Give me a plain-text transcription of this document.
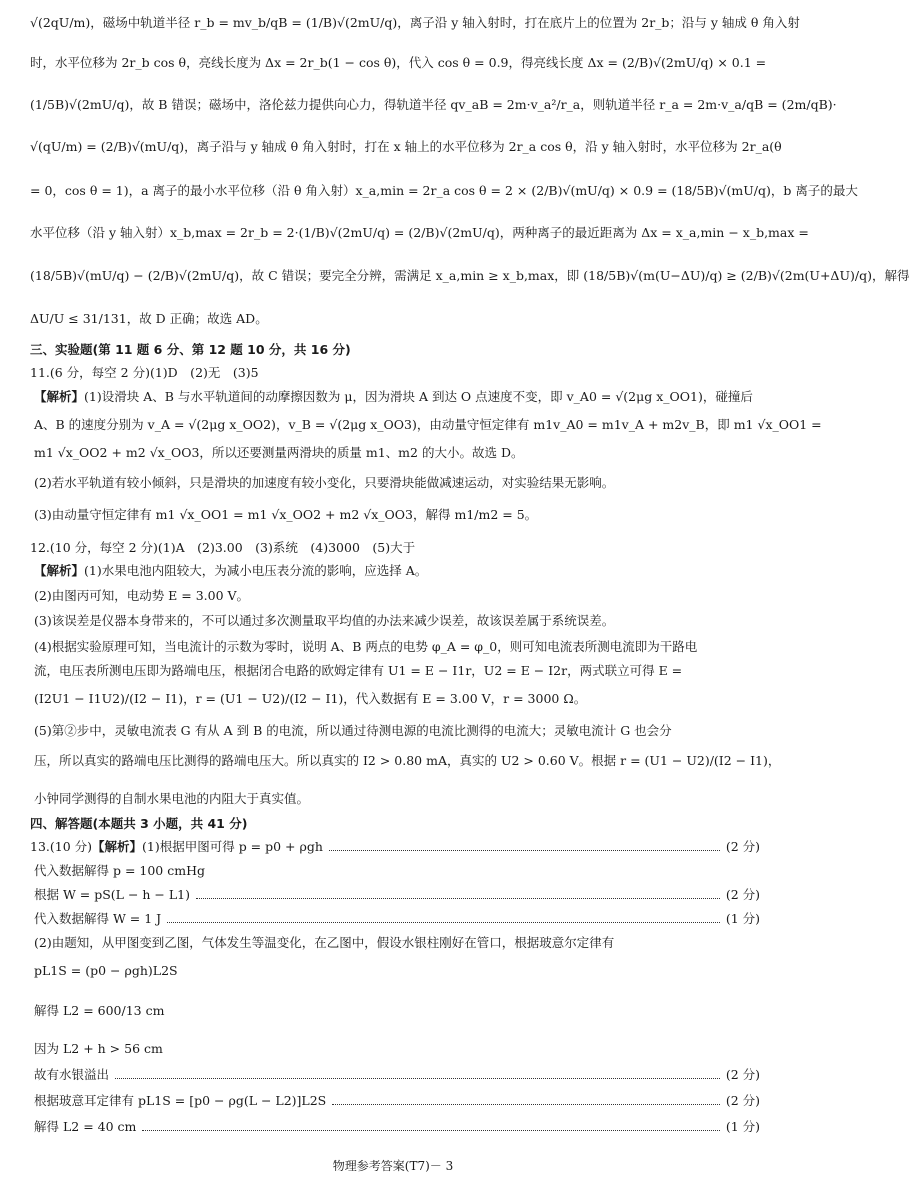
√(2qU/m)，磁场中轨道半径 r_b = mv_b/qB = (1/B)√(2mU/q)，离子沿 y 轴入射时，打在底片上的位置为 2r_b；沿与 y 轴成 θ 角入射
时，水平位移为 2r_b cos θ，亮线长度为 Δx = 2r_b(1 − cos θ)，代入 cos θ = 0.9，得亮线长度 Δx = (2/B)√(2mU/q) × 0.1 =
(1/5B)√(2mU/q)，故 B 错误；磁场中，洛伦兹力提供向心力，得轨道半径 qv_aB = 2m·v_a²/r_a，则轨道半径 r_a = 2m·v_a/qB = (2m/qB)·
√(qU/m) = (2/B)√(mU/q)，离子沿与 y 轴成 θ 角入射时，打在 x 轴上的水平位移为 2r_a cos θ，沿 y 轴入射时，水平位移为 2r_a(θ
= 0，cos θ = 1)，a 离子的最小水平位移（沿 θ 角入射）x_a,min = 2r_a cos θ = 2 × (2/B)√(mU/q) × 0.9 = (18/5B)√(mU/q)，b 离子的最大
水平位移（沿 y 轴入射）x_b,max = 2r_b = 2·(1/B)√(2mU/q) = (2/B)√(2mU/q)，两种离子的最近距离为 Δx = x_a,min − x_b,max =
(18/5B)√(mU/q) − (2/B)√(2mU/q)，故 C 错误；要完全分辨，需满足 x_a,min ≥ x_b,max，即 (18/5B)√(m(U−ΔU)/q) ≥ (2/B)√(2m(U+ΔU)/q)，解得
ΔU/U ≤ 31/131，故 D 正确；故选 AD。
三、实验题(第 11 题 6 分、第 12 题 10 分，共 16 分)
11.(6 分，每空 2 分)(1)D　(2)无　(3)5
【解析】(1)设滑块 A、B 与水平轨道间的动摩擦因数为 μ，因为滑块 A 到达 O 点速度不变，即 v_A0 = √(2μg x_OO1)，碰撞后
A、B 的速度分别为 v_A = √(2μg x_OO2)，v_B = √(2μg x_OO3)，由动量守恒定律有 m1v_A0 = m1v_A + m2v_B，即 m1 √x_OO1 =
m1 √x_OO2 + m2 √x_OO3，所以还要测量两滑块的质量 m1、m2 的大小。故选 D。
(2)若水平轨道有较小倾斜，只是滑块的加速度有较小变化，只要滑块能做减速运动，对实验结果无影响。
(3)由动量守恒定律有 m1 √x_OO1 = m1 √x_OO2 + m2 √x_OO3，解得 m1/m2 = 5。
12.(10 分，每空 2 分)(1)A　(2)3.00　(3)系统　(4)3000　(5)大于
【解析】(1)水果电池内阻较大，为减小电压表分流的影响，应选择 A。
(2)由图丙可知，电动势 E = 3.00 V。
(3)该误差是仪器本身带来的，不可以通过多次测量取平均值的办法来减少误差，故该误差属于系统误差。
(4)根据实验原理可知，当电流计的示数为零时，说明 A、B 两点的电势 φ_A = φ_0，则可知电流表所测电流即为干路电
流，电压表所测电压即为路端电压，根据闭合电路的欧姆定律有 U1 = E − I1r，U2 = E − I2r，两式联立可得 E =
(I2U1 − I1U2)/(I2 − I1)，r = (U1 − U2)/(I2 − I1)，代入数据有 E = 3.00 V，r = 3000 Ω。
(5)第②步中，灵敏电流表 G 有从 A 到 B 的电流，所以通过待测电源的电流比测得的电流大；灵敏电流计 G 也会分
压，所以真实的路端电压比测得的路端电压大。所以真实的 I2 > 0.80 mA，真实的 U2 > 0.60 V。根据 r = (U1 − U2)/(I2 − I1)，
小钟同学测得的自制水果电池的内阻大于真实值。
四、解答题(本题共 3 小题，共 41 分)
13.(10 分)【解析】(1)根据甲图可得 p = p0 + ρgh	(2 分)
代入数据解得 p = 100 cmHg
根据 W = pS(L − h − L1)	(2 分)
代入数据解得 W = 1 J	(1 分)
(2)由题知，从甲图变到乙图，气体发生等温变化，在乙图中，假设水银柱刚好在管口，根据玻意尔定律有
pL1S = (p0 − ρgh)L2S
解得 L2 = 600/13 cm
因为 L2 + h > 56 cm
故有水银溢出	(2 分)
根据玻意耳定律有 pL1S = [p0 − ρg(L − L2)]L2S	(2 分)
解得 L2 = 40 cm	(1 分)
物理参考答案(T7)－ 3
